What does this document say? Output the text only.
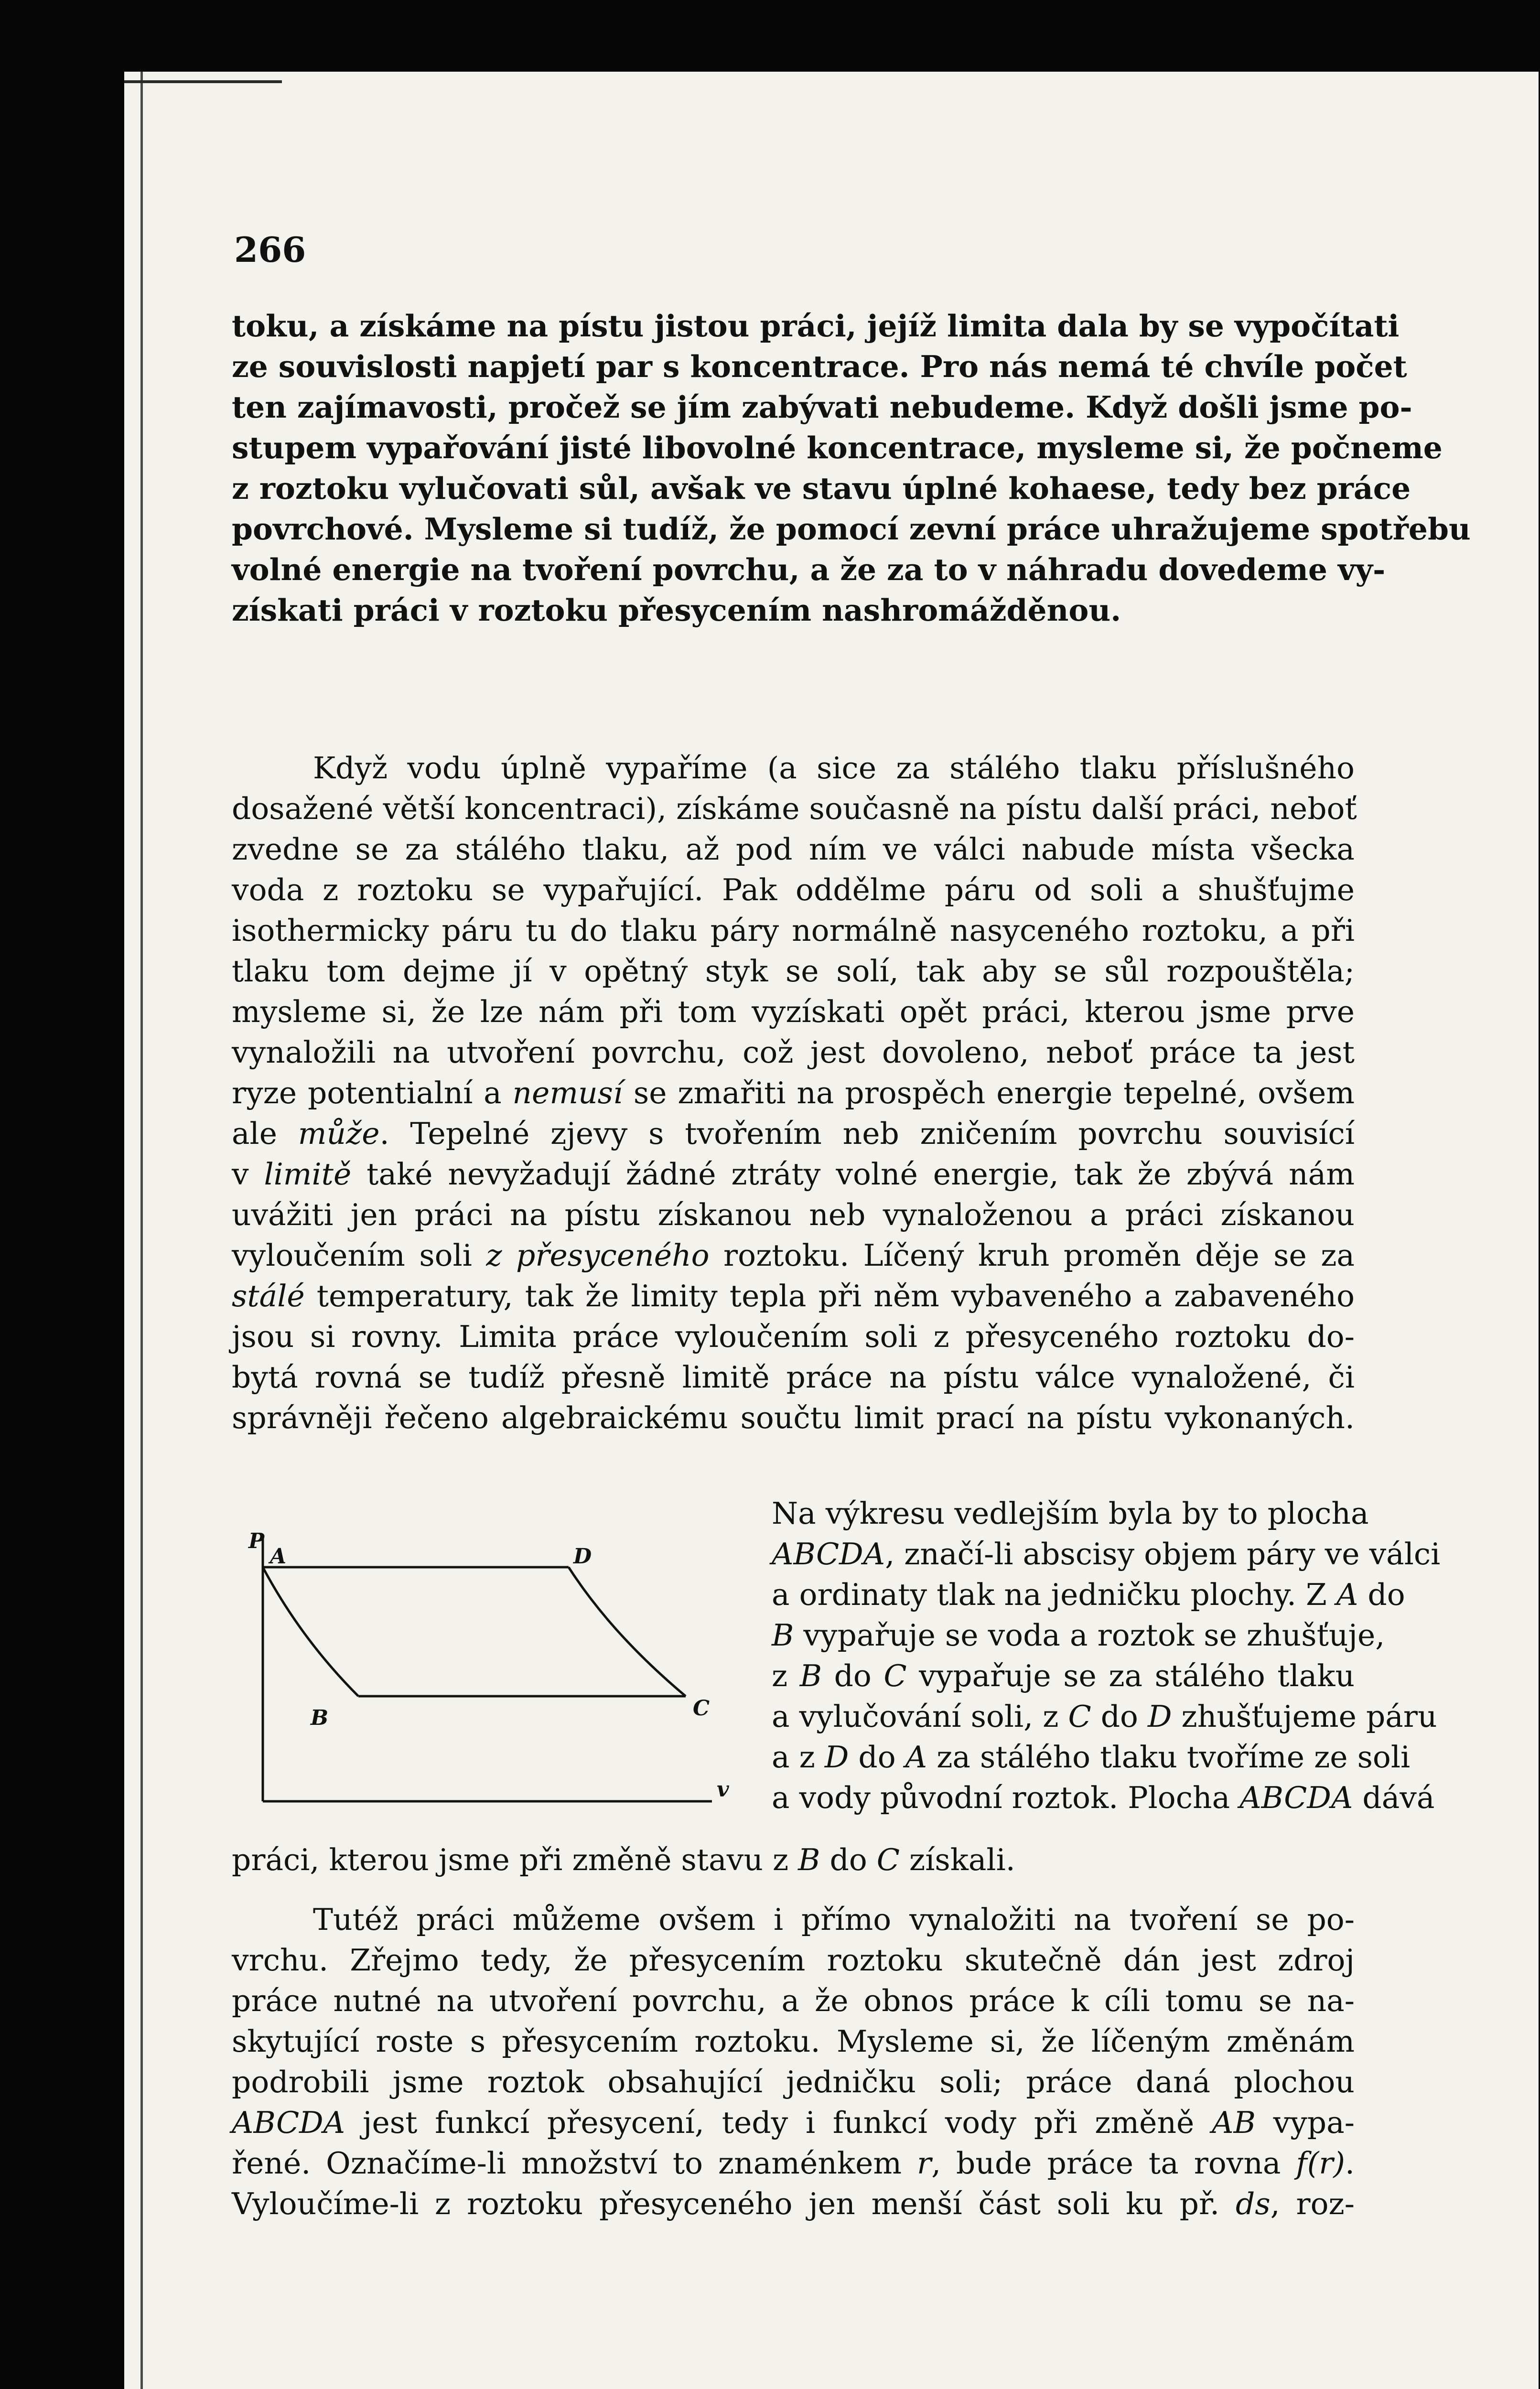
266
toku, a získáme na pístu jistou práci, jejíž limita dala by se vypočítati
ze souvislosti napjetí par s koncentrace. Pro nás nemá té chvíle počet
ten zajímavosti, pročež se jím zabývati nebudeme. Když došli jsme po-
stupem vypařování jisté libovolné koncentrace, mysleme si, že počneme
z roztoku vylučovati sůl, avšak ve stavu úplné kohaese, tedy bez práce
povrchové. Mysleme si tudíž, že pomocí zevní práce uhražujeme spotřebu
volné energie na tvoření povrchu, a že za to v náhradu dovedeme vy-
získati práci v roztoku přesycením nashromážděnou.
Když vodu úplně vypaříme (a sice za stálého tlaku příslušného
dosažené větší koncentraci), získáme současně na pístu další práci, neboť
zvedne se za stálého tlaku, až pod ním ve válci nabude místa všecka
voda z roztoku se vypařující. Pak oddělme páru od soli a shušťujme
isothermicky páru tu do tlaku páry normálně nasyceného roztoku, a při
tlaku tom dejme jí v opětný styk se solí, tak aby se sůl rozpouštěla;
mysleme si, že lze nám při tom vyzískati opět práci, kterou jsme prve
vynaložili na utvoření povrchu, což jest dovoleno, neboť práce ta jest
ryze potentialní a nemusí se zmařiti na prospěch energie tepelné, ovšem
ale může. Tepelné zjevy s tvořením neb zničením povrchu souvisící
v limitě také nevyžadují žádné ztráty volné energie, tak že zbývá nám
uvážiti jen práci na pístu získanou neb vynaloženou a práci získanou
vyloučením soli z přesyceného roztoku. Líčený kruh proměn děje se za
stálé temperatury, tak že limity tepla při něm vybaveného a zabaveného
jsou si rovny. Limita práce vyloučením soli z přesyceného roztoku do-
bytá rovná se tudíž přesně limitě práce na pístu válce vynaložené, či
správněji řečeno algebraickému součtu limit prací na pístu vykonaných.
P
A	D
B	C
v
Na výkresu vedlejším byla by to plocha
ABCDA, značí-li abscisy objem páry ve válci
a ordinaty tlak na jedničku plochy. Z A do
B vypařuje se voda a roztok se zhušťuje,
z B do C vypařuje se za stálého tlaku
a vylučování soli, z C do D zhušťujeme páru
a z D do A za stálého tlaku tvoříme ze soli
a vody původní roztok. Plocha ABCDA dává
práci, kterou jsme při změně stavu z B do C získali.
Tutéž práci můžeme ovšem i přímo vynaložiti na tvoření se po-
vrchu. Zřejmo tedy, že přesycením roztoku skutečně dán jest zdroj
práce nutné na utvoření povrchu, a že obnos práce k cíli tomu se na-
skytující roste s přesycením roztoku. Mysleme si, že líčeným změnám
podrobili jsme roztok obsahující jedničku soli; práce daná plochou
ABCDA jest funkcí přesycení, tedy i funkcí vody při změně AB vypa-
řené. Označíme-li množství to znaménkem r, bude práce ta rovna f(r).
Vyloučíme-li z roztoku přesyceného jen menší část soli ku př. ds, roz-
